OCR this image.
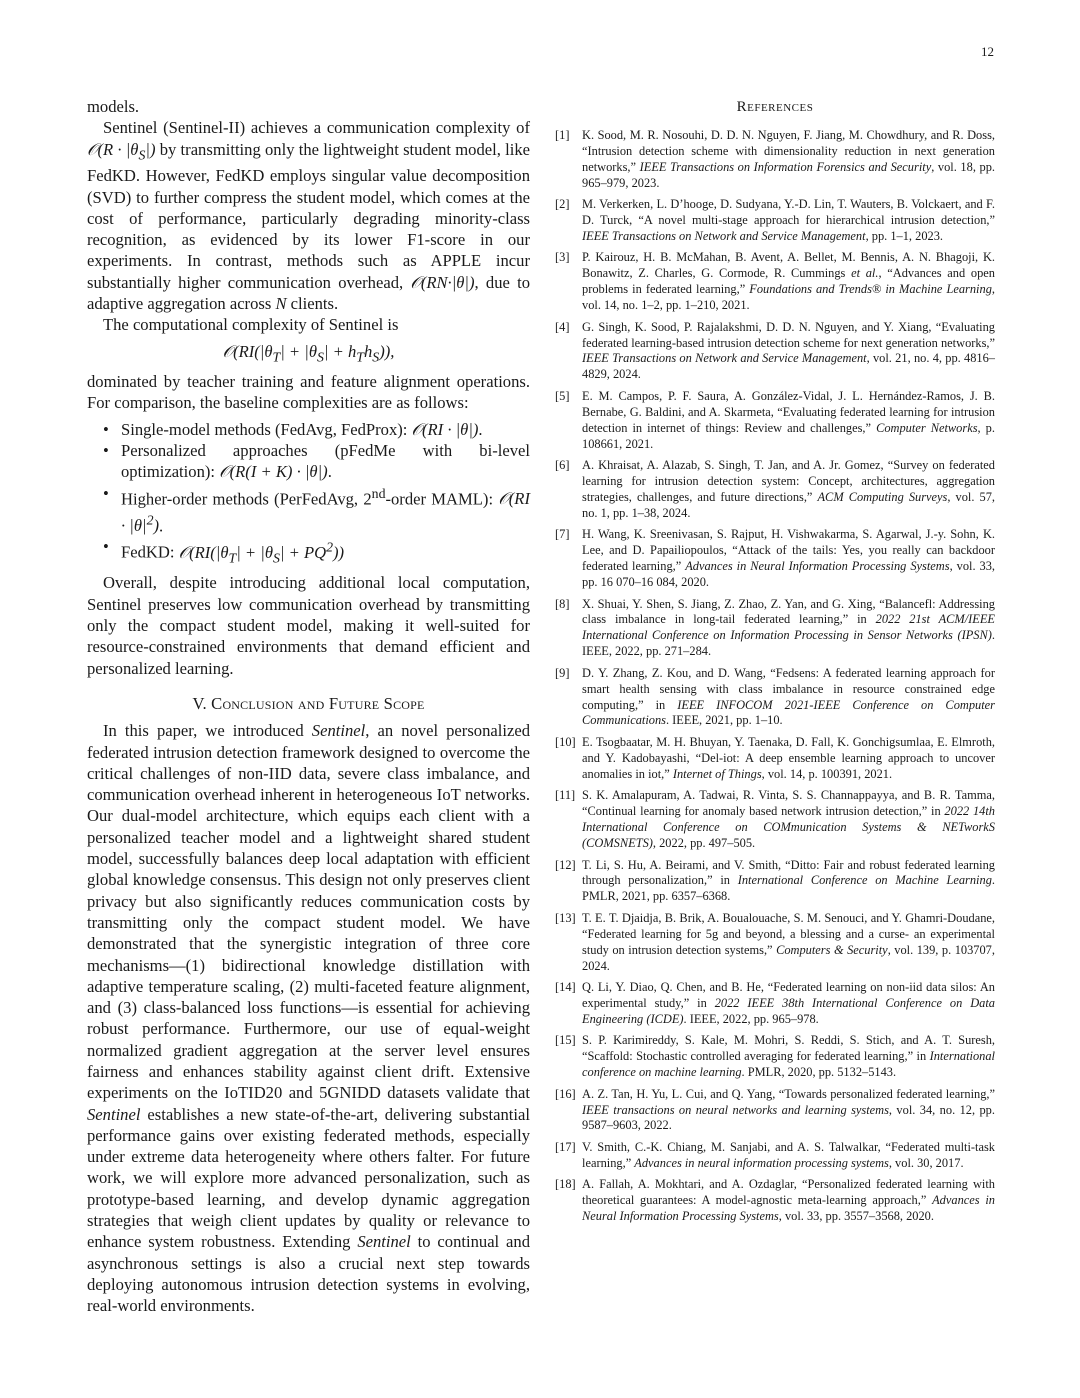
12

models.

Sentinel (Sentinel-II) achieves a communication complexity of 𝒪(R · $|\theta_S|$) by transmitting only the lightweight student model, like FedKD. However, FedKD employs singular value decomposition (SVD) to further compress the student model, which comes at the cost of performance, particularly degrading minority-class recognition, as evidenced by its lower F1-score in our experiments. In contrast, methods such as APPLE incur substantially higher communication overhead, 𝒪(RN·|θ|), due to adaptive aggregation across N clients.

The computational complexity of Sentinel is

$𝒪(RI(|\theta_T| + |\theta_S| + h_Th_S))$,

dominated by teacher training and feature alignment operations. For comparison, the baseline complexities are as follows:

• Single-model methods (FedAvg, FedProx): 𝒪(RI · |θ|).
• Personalized approaches (pFedMe with bi-level optimization): 𝒪(R(I + K) · |θ|).
• Higher-order methods (PerFedAvg, 2nd-order MAML): 𝒪(RI · $|\theta|^2$).
• FedKD: $𝒪(RI(|\theta_T| + |\theta_S| + PQ^2))$

Overall, despite introducing additional local computation, Sentinel preserves low communication overhead by transmitting only the compact student model, making it well-suited for resource-constrained environments that demand efficient and personalized learning.

V. Conclusion and Future Scope

In this paper, we introduced Sentinel, an novel personalized federated intrusion detection framework designed to overcome the critical challenges of non-IID data, severe class imbalance, and communication overhead inherent in heterogeneous IoT networks. Our dual-model architecture, which equips each client with a personalized teacher model and a lightweight shared student model, successfully balances deep local adaptation with efficient global knowledge consensus. This design not only preserves client privacy but also significantly reduces communication costs by transmitting only the compact student model. We have demonstrated that the synergistic integration of three core mechanisms—(1) bidirectional knowledge distillation with adaptive temperature scaling, (2) multi-faceted feature alignment, and (3) class-balanced loss functions—is essential for achieving robust performance. Furthermore, our use of equal-weight normalized gradient aggregation at the server level ensures fairness and enhances stability against client drift. Extensive experiments on the IoTID20 and 5GNIDD datasets validate that Sentinel establishes a new state-of-the-art, delivering substantial performance gains over existing federated methods, especially under extreme data heterogeneity where others falter. For future work, we will explore more advanced personalization, such as prototype-based learning, and develop dynamic aggregation strategies that weigh client updates by quality or relevance to enhance system robustness. Extending Sentinel to continual and asynchronous settings is also a crucial next step towards deploying autonomous intrusion detection systems in evolving, real-world environments.

References
[1] K. Sood, M. R. Nosouhi, D. D. N. Nguyen, F. Jiang, M. Chowdhury, and R. Doss, “Intrusion detection scheme with dimensionality reduction in next generation networks,” IEEE Transactions on Information Forensics and Security, vol. 18, pp. 965–979, 2023.
[2] M. Verkerken, L. D’hooge, D. Sudyana, Y.-D. Lin, T. Wauters, B. Volckaert, and F. D. Turck, “A novel multi-stage approach for hierarchical intrusion detection,” IEEE Transactions on Network and Service Management, pp. 1–1, 2023.
[3] P. Kairouz, H. B. McMahan, B. Avent, A. Bellet, M. Bennis, A. N. Bhagoji, K. Bonawitz, Z. Charles, G. Cormode, R. Cummings et al., “Advances and open problems in federated learning,” Foundations and Trends® in Machine Learning, vol. 14, no. 1–2, pp. 1–210, 2021.
[4] G. Singh, K. Sood, P. Rajalakshmi, D. D. N. Nguyen, and Y. Xiang, “Evaluating federated learning-based intrusion detection scheme for next generation networks,” IEEE Transactions on Network and Service Management, vol. 21, no. 4, pp. 4816–4829, 2024.
[5] E. M. Campos, P. F. Saura, A. González-Vidal, J. L. Hernández-Ramos, J. B. Bernabe, G. Baldini, and A. Skarmeta, “Evaluating federated learning for intrusion detection in internet of things: Review and challenges,” Computer Networks, p. 108661, 2021.
[6] A. Khraisat, A. Alazab, S. Singh, T. Jan, and A. Jr. Gomez, “Survey on federated learning for intrusion detection system: Concept, architectures, aggregation strategies, challenges, and future directions,” ACM Computing Surveys, vol. 57, no. 1, pp. 1–38, 2024.
[7] H. Wang, K. Sreenivasan, S. Rajput, H. Vishwakarma, S. Agarwal, J.-y. Sohn, K. Lee, and D. Papailiopoulos, “Attack of the tails: Yes, you really can backdoor federated learning,” Advances in Neural Information Processing Systems, vol. 33, pp. 16 070–16 084, 2020.
[8] X. Shuai, Y. Shen, S. Jiang, Z. Zhao, Z. Yan, and G. Xing, “Balancefl: Addressing class imbalance in long-tail federated learning,” in 2022 21st ACM/IEEE International Conference on Information Processing in Sensor Networks (IPSN). IEEE, 2022, pp. 271–284.
[9] D. Y. Zhang, Z. Kou, and D. Wang, “Fedsens: A federated learning approach for smart health sensing with class imbalance in resource constrained edge computing,” in IEEE INFOCOM 2021-IEEE Conference on Computer Communications. IEEE, 2021, pp. 1–10.
[10] E. Tsogbaatar, M. H. Bhuyan, Y. Taenaka, D. Fall, K. Gonchigsumlaa, E. Elmroth, and Y. Kadobayashi, “Del-iot: A deep ensemble learning approach to uncover anomalies in iot,” Internet of Things, vol. 14, p. 100391, 2021.
[11] S. K. Amalapuram, A. Tadwai, R. Vinta, S. S. Channappayya, and B. R. Tamma, “Continual learning for anomaly based network intrusion detection,” in 2022 14th International Conference on COMmunication Systems & NETworkS (COMSNETS), 2022, pp. 497–505.
[12] T. Li, S. Hu, A. Beirami, and V. Smith, “Ditto: Fair and robust federated learning through personalization,” in International Conference on Machine Learning. PMLR, 2021, pp. 6357–6368.
[13] T. E. T. Djaidja, B. Brik, A. Boualouache, S. M. Senouci, and Y. Ghamri-Doudane, “Federated learning for 5g and beyond, a blessing and a curse- an experimental study on intrusion detection systems,” Computers & Security, vol. 139, p. 103707, 2024.
[14] Q. Li, Y. Diao, Q. Chen, and B. He, “Federated learning on non-iid data silos: An experimental study,” in 2022 IEEE 38th International Conference on Data Engineering (ICDE). IEEE, 2022, pp. 965–978.
[15] S. P. Karimireddy, S. Kale, M. Mohri, S. Reddi, S. Stich, and A. T. Suresh, “Scaffold: Stochastic controlled averaging for federated learning,” in International conference on machine learning. PMLR, 2020, pp. 5132–5143.
[16] A. Z. Tan, H. Yu, L. Cui, and Q. Yang, “Towards personalized federated learning,” IEEE transactions on neural networks and learning systems, vol. 34, no. 12, pp. 9587–9603, 2022.
[17] V. Smith, C.-K. Chiang, M. Sanjabi, and A. S. Talwalkar, “Federated multi-task learning,” Advances in neural information processing systems, vol. 30, 2017.
[18] A. Fallah, A. Mokhtari, and A. Ozdaglar, “Personalized federated learning with theoretical guarantees: A model-agnostic meta-learning approach,” Advances in Neural Information Processing Systems, vol. 33, pp. 3557–3568, 2020.
